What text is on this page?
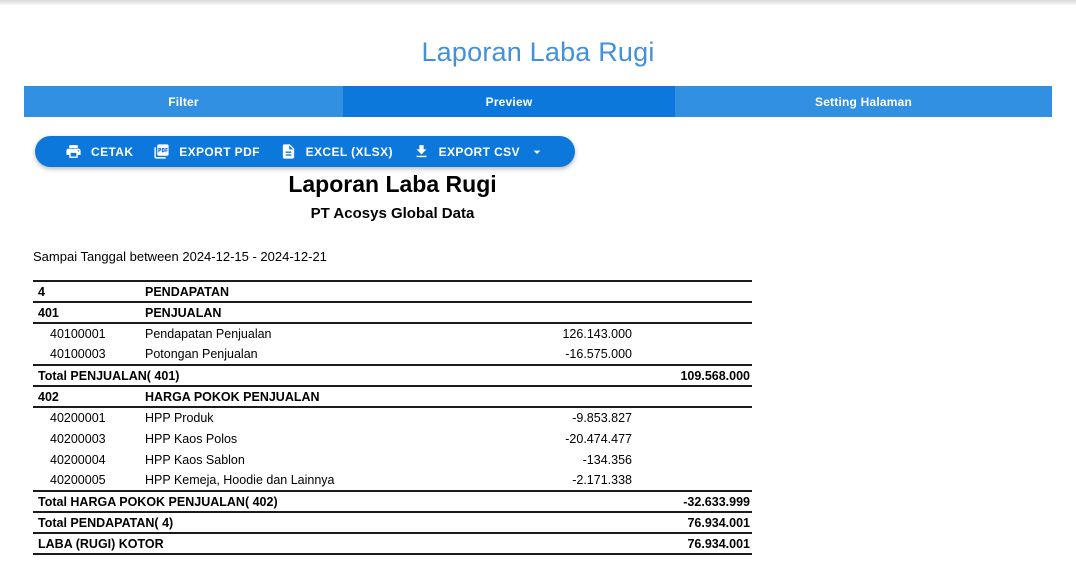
Laporan Laba Rugi
Filter	Preview	Setting Halaman
CETAK	EXPORT PDF	EXCEL (XLSX)	EXPORT CSV
Laporan Laba Rugi
PT Acosys Global Data
Sampai Tanggal between 2024-12-15 - 2024-12-21
4	PENDAPATAN		
401	PENJUALAN		
40100001	Pendapatan Penjualan	126.143.000	
40100003	Potongan Penjualan	-16.575.000	
Total PENJUALAN( 401)			109.568.000
402	HARGA POKOK PENJUALAN		
40200001	HPP Produk	-9.853.827	
40200003	HPP Kaos Polos	-20.474.477	
40200004	HPP Kaos Sablon	-134.356	
40200005	HPP Kemeja, Hoodie dan Lainnya	-2.171.338	
Total HARGA POKOK PENJUALAN( 402)			-32.633.999
Total PENDAPATAN( 4)			76.934.001
LABA (RUGI) KOTOR			76.934.001
